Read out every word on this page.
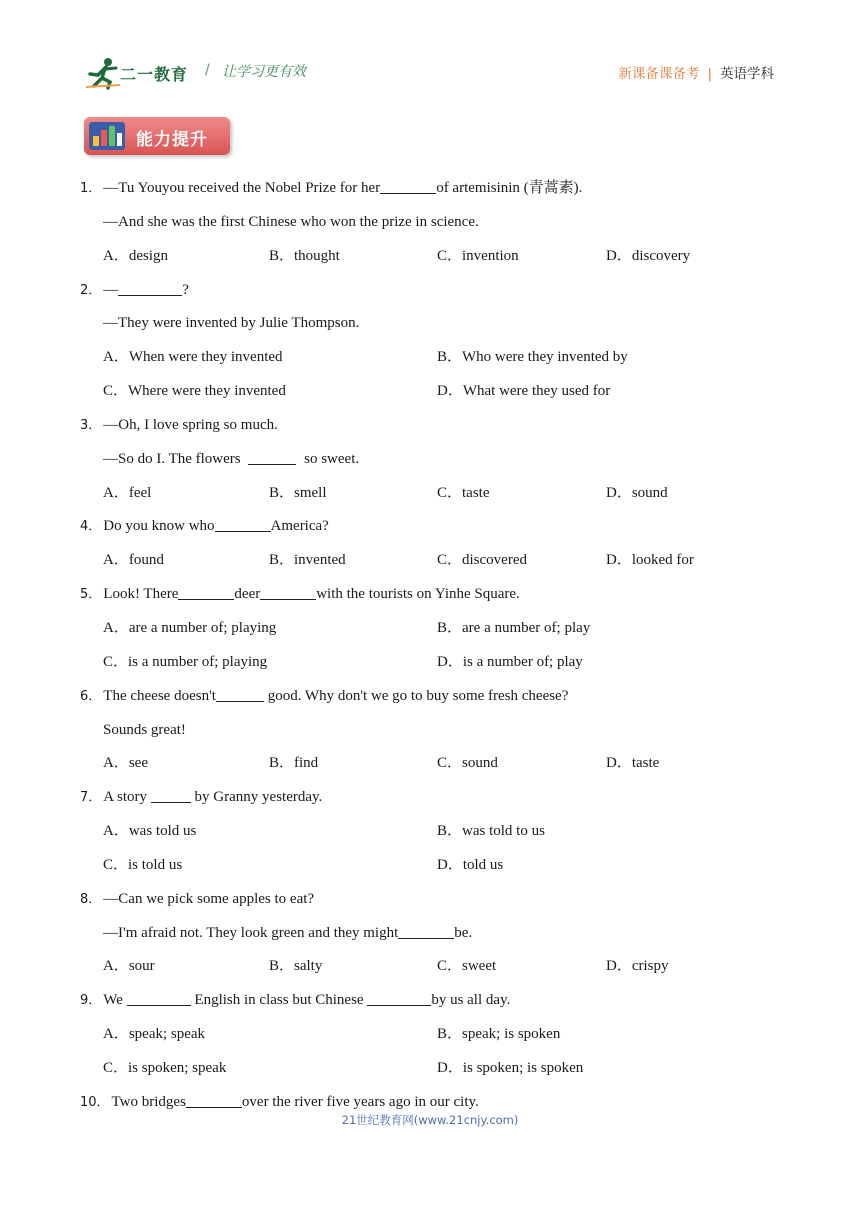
二一教育 / 让学习更有效	新课备课备考 | 英语学科
能力提升
1． —Tu Youyou received the Nobel Prize for her	of artemisinin (青蒿素).
—And she was the first Chinese who won the prize in science.
A．design	B．thought	C．invention	D．discovery
2． —	?
—They were invented by Julie Thompson.
A．When were they invented	B．Who were they invented by
C．Where were they invented	D．What were they used for
3． —Oh, I love spring so much.
—So do I. The flowers	so sweet.
A．feel	B．smell	C．taste	D．sound
4． Do you know who	America?
A．found	B．invented	C．discovered	D．looked for
5． Look! There	deer	with the tourists on Yinhe Square.
A．are a number of; playing	B．are a number of; play
C．is a number of; playing	D．is a number of; play
6． The cheese doesn't	good. Why don't we go to buy some fresh cheese?
Sounds great!
A．see	B．find	C．sound	D．taste
7． A story	by Granny yesterday.
A．was told us	B．was told to us
C．is told us	D．told us
8． —Can we pick some apples to eat?
—I'm afraid not. They look green and they might	be.
A．sour	B．salty	C．sweet	D．crispy
9． We	English in class but Chinese	by us all day.
A．speak; speak	B．speak; is spoken
C．is spoken; speak	D．is spoken; is spoken
10． Two bridges	over the river five years ago in our city.
21世纪教育网(www.21cnjy.com)
